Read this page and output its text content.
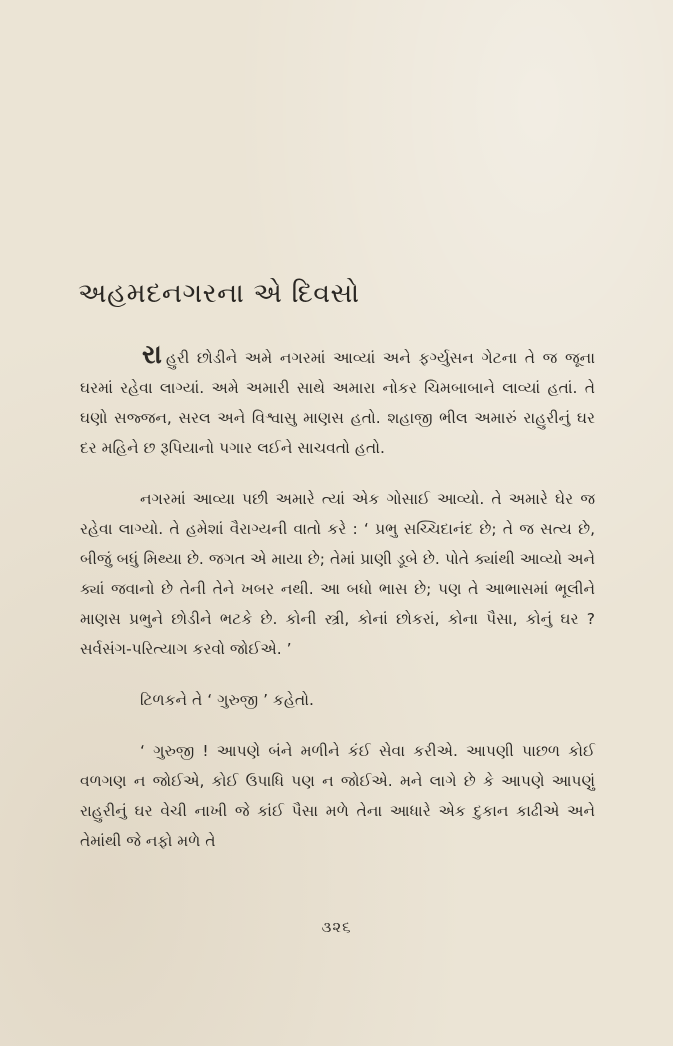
અહમદનગરના એ દિવસો

રાહુરી છોડીને અમે નગરમાં આવ્યાં અને ફર્ગ્યુસન ગેટના તે જ જૂના ઘરમાં રહેવા લાગ્યાં. અમે અમારી સાથે અમારા નોકર ચિમબાબાને લાવ્યાં હતાં. તે ઘણો સજ્જન, સરલ અને વિશ્વાસુ માણસ હતો. શહાજી ભીલ અમારું રાહુરીનું ઘર દર મહિને છ રૂપિયાનો પગાર લઈને સાચવતો હતો.

નગરમાં આવ્યા પછી અમારે ત્યાં એક ગોસાઈ આવ્યો. તે અમારે ઘેર જ રહેવા લાગ્યો. તે હમેશાં વૈરાગ્યની વાતો કરે : ‘ પ્રભુ સચ્ચિદાનંદ છે; તે જ સત્ય છે, બીજું બધું મિથ્યા છે. જગત એ માયા છે; તેમાં પ્રાણી ડૂબે છે. પોતે ક્યાંથી આવ્યો અને ક્યાં જવાનો છે તેની તેને ખબર નથી. આ બધો ભાસ છે; પણ તે આભાસમાં ભૂલીને માણસ પ્રભુને છોડીને ભટકે છે. કોની સ્ત્રી, કોનાં છોકરાં, કોના પૈસા, કોનું ઘર ? સર્વસંગ-પરિત્યાગ કરવો જોઈએ. ’

ટિળકને તે ‘ ગુરુજી ’ કહેતો.

‘ ગુરુજી ! આપણે બંને મળીને કંઈ સેવા કરીએ. આપણી પાછળ કોઈ વળગણ ન જોઈએ, કોઈ ઉપાધિ પણ ન જોઈએ. મને લાગે છે કે આપણે આપણું રાહુરીનું ઘર વેચી નાખી જે કાંઈ પૈસા મળે તેના આધારે એક દુકાન કાઢીએ અને તેમાંથી જે નફો મળે તે

૩૨૬
